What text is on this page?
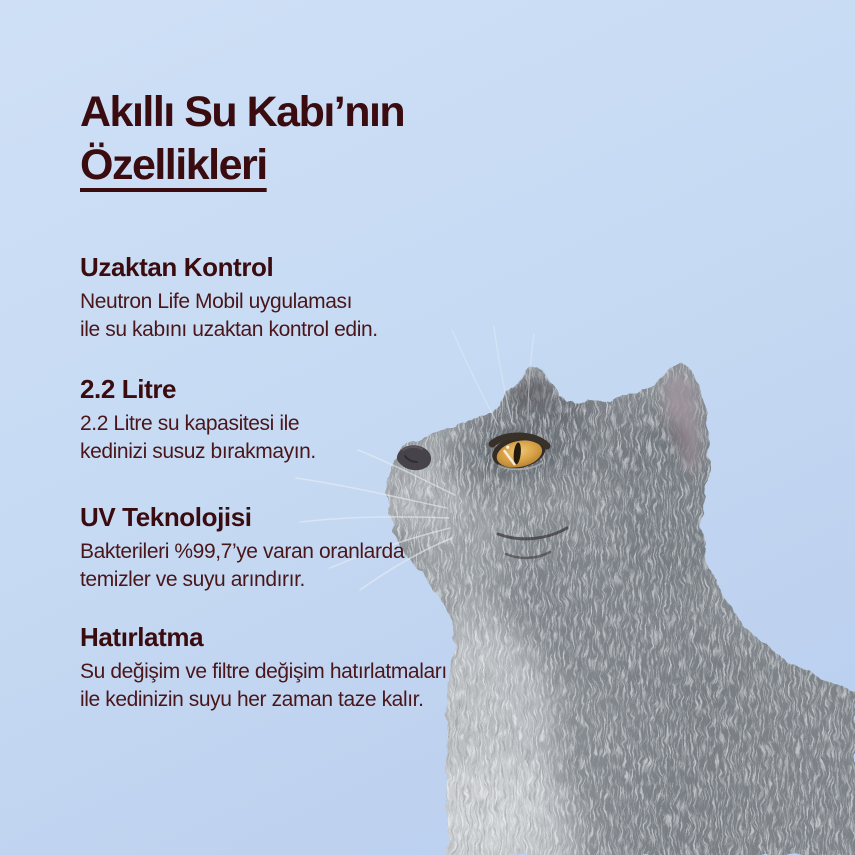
Akıllı Su Kabı’nın
Özellikleri
Uzaktan Kontrol

Neutron Life Mobil uygulaması

ile su kabını uzaktan kontrol edin.

2.2 Litre

2.2 Litre su kapasitesi ile

kedinizi susuz bırakmayın.

UV Teknolojisi

Bakterileri %99,7’ye varan oranlarda

temizler ve suyu arındırır.

Hatırlatma

Su değişim ve filtre değişim hatırlatmaları

ile kedinizin suyu her zaman taze kalır.
